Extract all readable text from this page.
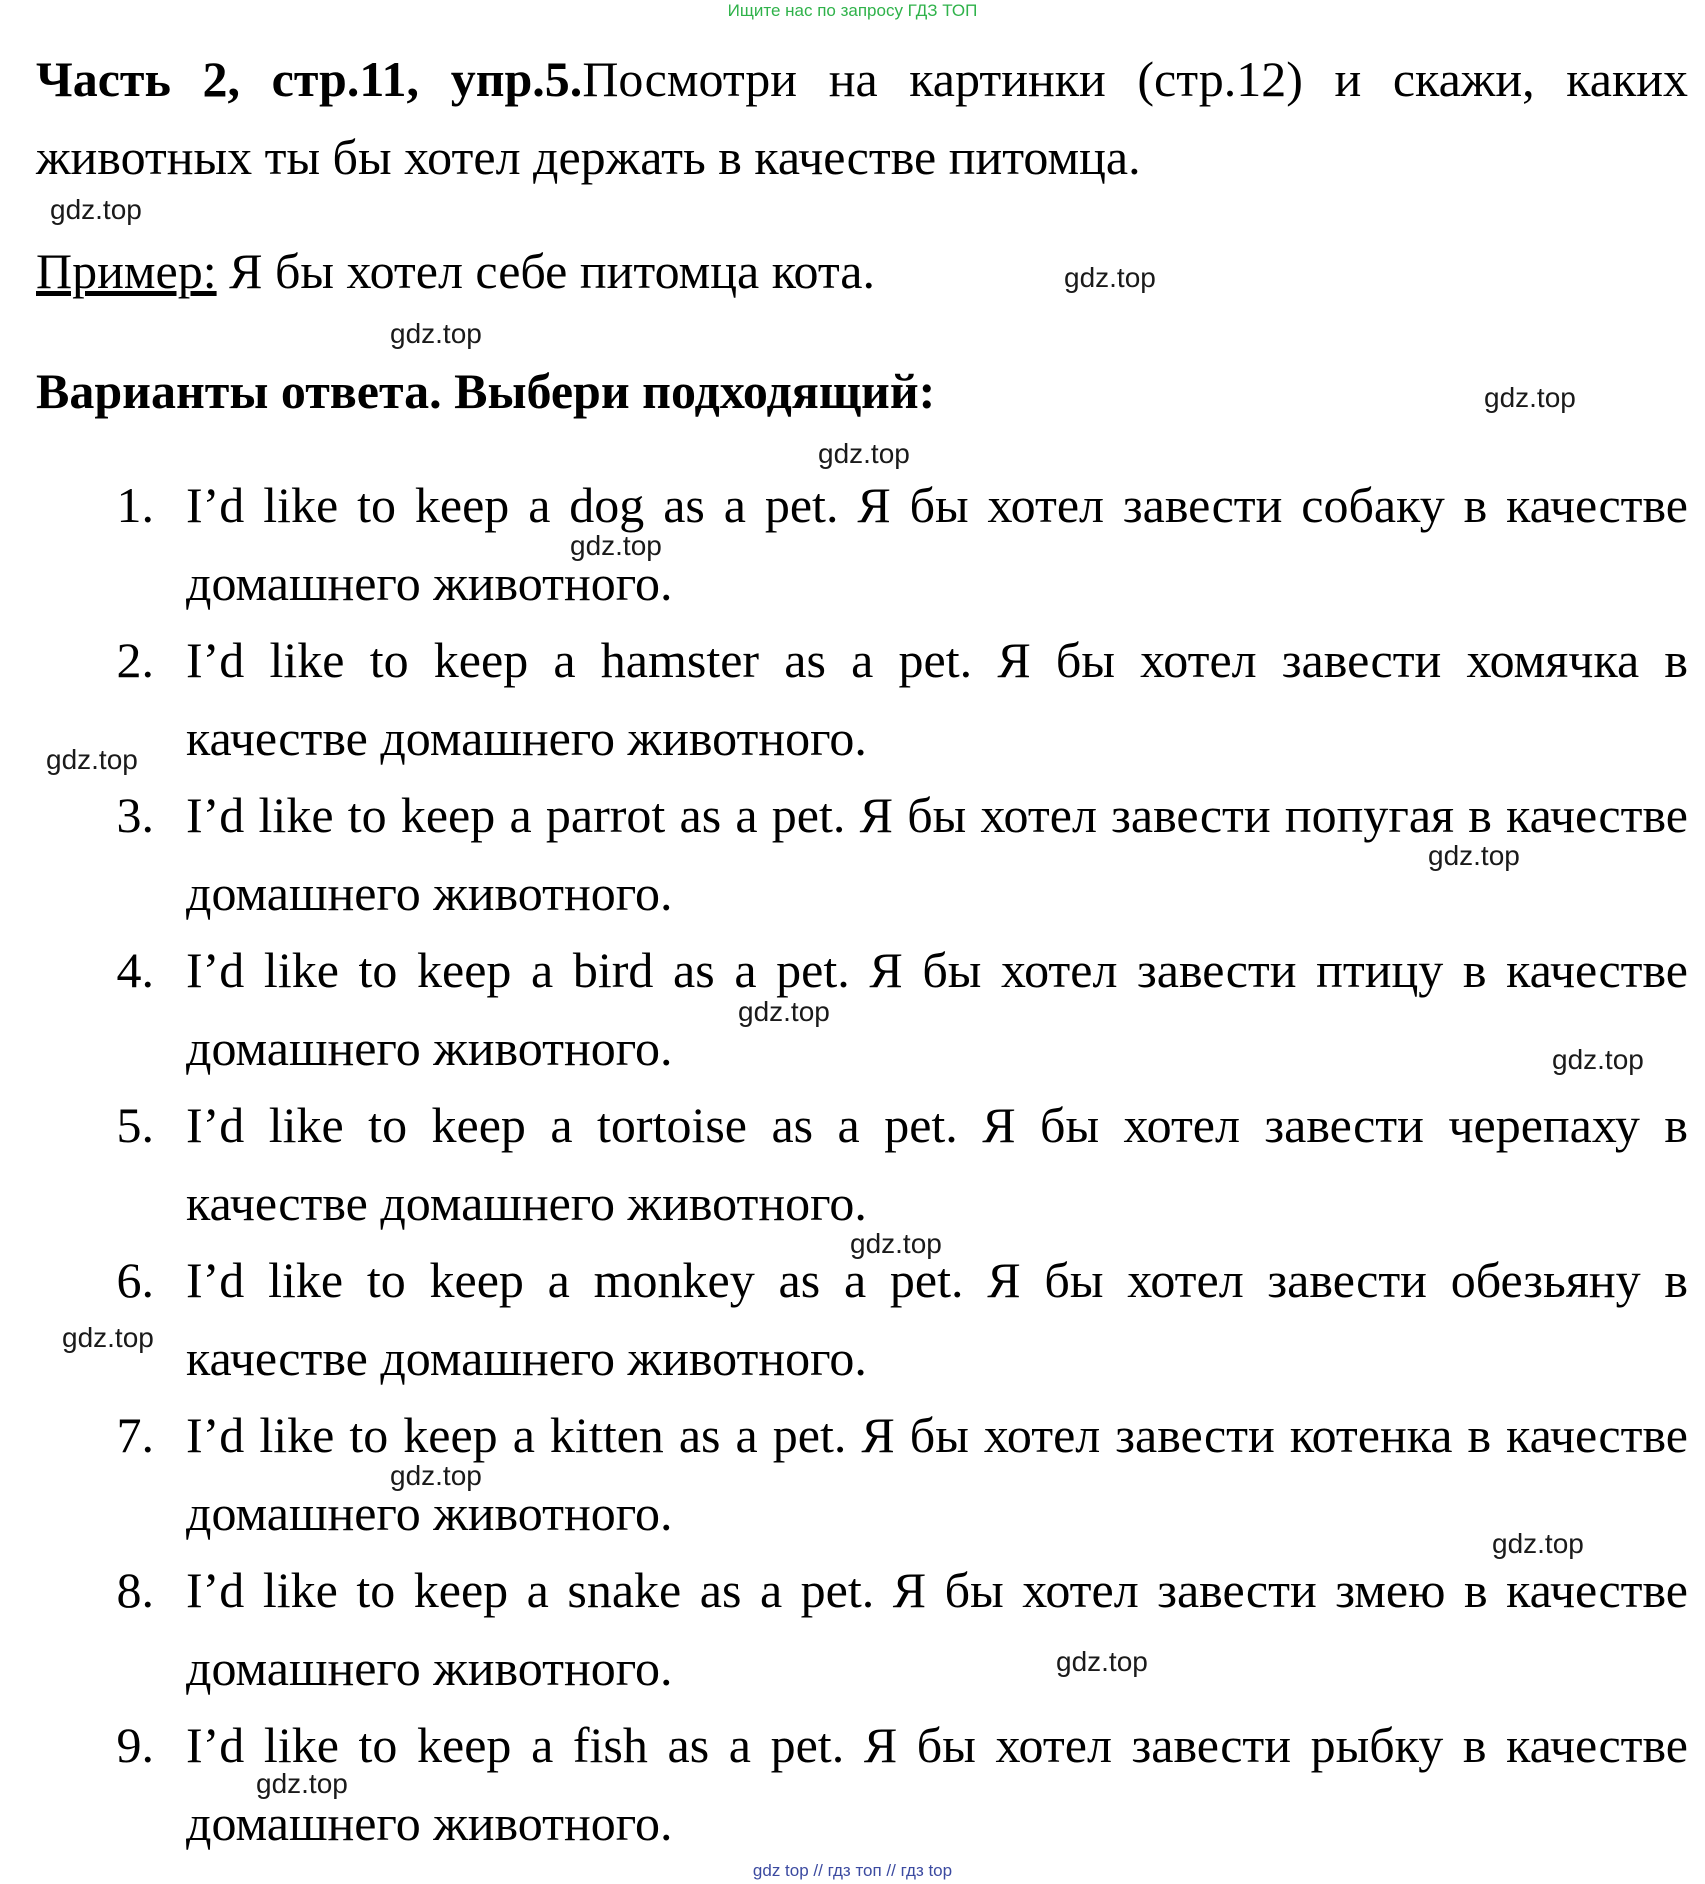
Ищите нас по запросу ГДЗ ТОП
Часть 2, стр.11, упр.5.Посмотри на картинки (стр.12) и скажи, каких животных ты бы хотел держать в качестве питомца.
Пример: Я бы хотел себе питомца кота.
Варианты ответа. Выбери подходящий:
1. I’d like to keep a dog as a pet. Я бы хотел завести собаку в качестве домашнего животного.
2. I’d like to keep a hamster as a pet. Я бы хотел завести хомячка в качестве домашнего животного.
3. I’d like to keep a parrot as a pet. Я бы хотел завести попугая в качестве домашнего животного.
4. I’d like to keep a bird as a pet. Я бы хотел завести птицу в качестве домашнего животного.
5. I’d like to keep a tortoise as a pet. Я бы хотел завести черепаху в качестве домашнего животного.
6. I’d like to keep a monkey as a pet. Я бы хотел завести обезьяну в качестве домашнего животного.
7. I’d like to keep a kitten as a pet. Я бы хотел завести котенка в качестве домашнего животного.
8. I’d like to keep a snake as a pet. Я бы хотел завести змею в качестве домашнего животного.
9. I’d like to keep a fish as a pet. Я бы хотел завести рыбку в качестве домашнего животного.
gdz.top
gdz.top
gdz.top
gdz.top
gdz.top
gdz.top
gdz.top
gdz.top
gdz.top
gdz.top
gdz.top
gdz.top
gdz.top
gdz.top
gdz.top
gdz.top
gdz top // гдз топ // гдз top
